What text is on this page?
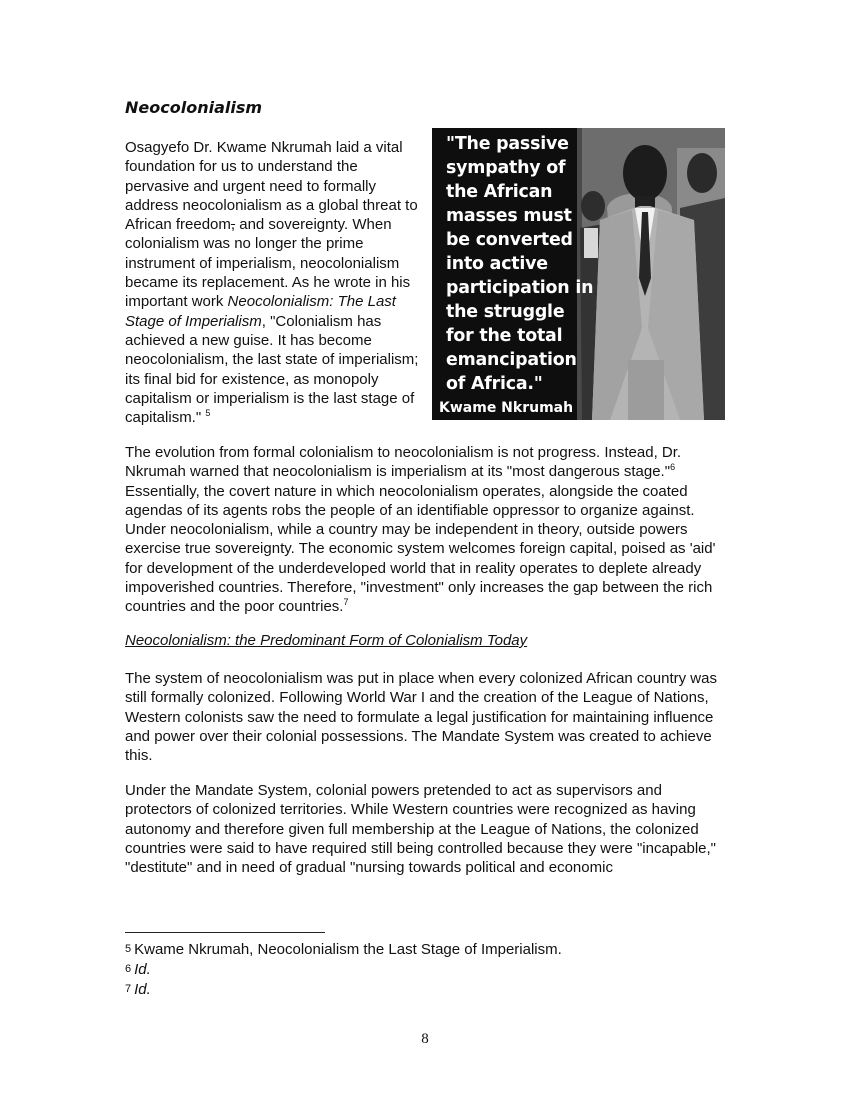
Neocolonialism

Osagyefo Dr. Kwame Nkrumah laid a vital foundation for us to understand the pervasive and urgent need to formally address neocolonialism as a global threat to African freedom, and sovereignty. When colonialism was no longer the prime instrument of imperialism, neocolonialism became its replacement. As he wrote in his important work Neocolonialism: The Last Stage of Imperialism, "Colonialism has achieved a new guise. It has become neocolonialism, the last state of imperialism; its final bid for existence, as monopoly capitalism or imperialism is the last stage of capitalism." $^5$

"The passive sympathy of the African masses must be converted into active participation in the struggle for the total emancipation of Africa."

Kwame Nkrumah

The evolution from formal colonialism to neocolonialism is not progress. Instead, Dr. Nkrumah warned that neocolonialism is imperialism at its "most dangerous stage."$^6$ Essentially, the covert nature in which neocolonialism operates, alongside the coated agendas of its agents robs the people of an identifiable oppressor to organize against. Under neocolonialism, while a country may be independent in theory, outside powers exercise true sovereignty. The economic system welcomes foreign capital, poised as 'aid' for development of the underdeveloped world that in reality operates to deplete already impoverished countries. Therefore, "investment" only increases the gap between the rich countries and the poor countries.$^7$

Neocolonialism: the Predominant Form of Colonialism Today

The system of neocolonialism was put in place when every colonized African country was still formally colonized. Following World War I and the creation of the League of Nations, Western colonists saw the need to formulate a legal justification for maintaining influence and power over their colonial possessions. The Mandate System was created to achieve this.

Under the Mandate System, colonial powers pretended to act as supervisors and protectors of colonized territories. While Western countries were recognized as having autonomy and therefore given full membership at the League of Nations, the colonized countries were said to have required still being controlled because they were "incapable," "destitute" and in need of gradual "nursing towards political and economic

5 Kwame Nkrumah, Neocolonialism the Last Stage of Imperialism.

6 Id.

7 Id.

8
